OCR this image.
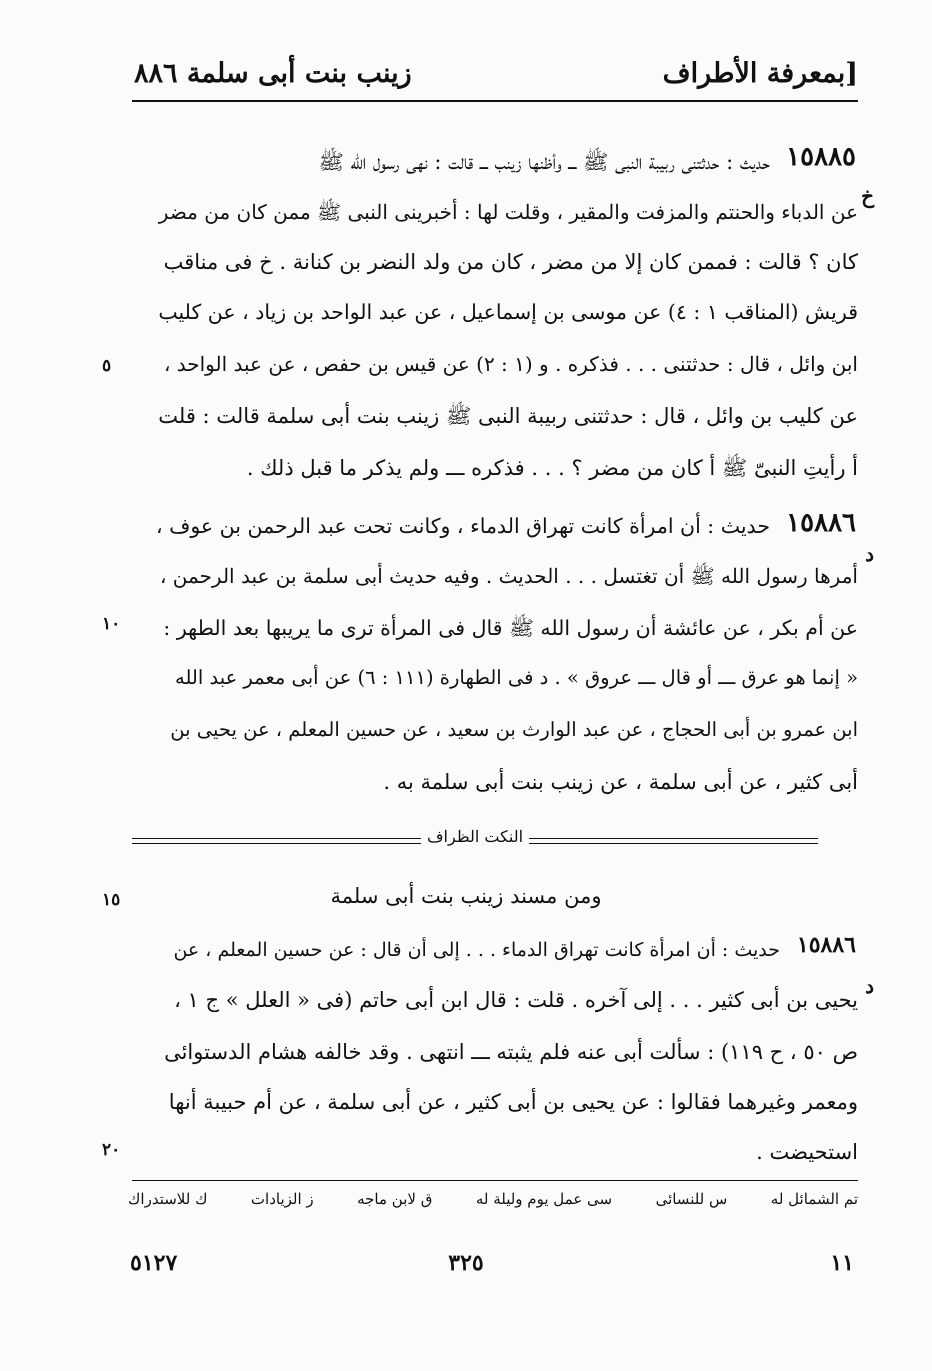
بمعرفة الأطراف]
زينب بنت أبى سلمة ٨٨٦
١٥٨٨٥
خ
حديث : حدثتنى ربيبة النبى ﷺ ـــ وأظنها زينب ـــ قالت : نهى رسول الله ﷺ
عن الدباء والحنتم والمزفت والمقير ، وقلت لها : أخبرينى النبى ﷺ ممن كان من مضر
كان ؟ قالت : فممن كان إلا من مضر ، كان من ولد النضر بن كنانة . خ فى مناقب
قريش (المناقب ١ : ٤) عن موسى بن إسماعيل ، عن عبد الواحد بن زياد ، عن كليب
ابن وائل ، قال : حدثتنى . . . فذكره . و (١ : ٢) عن قيس بن حفص ، عن عبد الواحد ،
عن كليب بن وائل ، قال : حدثتنى ربيبة النبى ﷺ زينب بنت أبى سلمة قالت : قلت
أ رأيتِ النبىّ ﷺ أ كان من مضر ؟ . . . فذكره ـــ ولم يذكر ما قبل ذلك .
١٥٨٨٦
د
حديث : أن امرأة كانت تهراق الدماء ، وكانت تحت عبد الرحمن بن عوف ،
أمرها رسول الله ﷺ أن تغتسل . . . الحديث . وفيه حديث أبى سلمة بن عبد الرحمن ،
عن أم بكر ، عن عائشة أن رسول الله ﷺ قال فى المرأة ترى ما يريبها بعد الطهر :
« إنما هو عرق ـــ أو قال ـــ عروق » . د فى الطهارة (١١١ : ٦) عن أبى معمر عبد الله
ابن عمرو بن أبى الحجاج ، عن عبد الوارث بن سعيد ، عن حسين المعلم ، عن يحيى بن
أبى كثير ، عن أبى سلمة ، عن زينب بنت أبى سلمة به .
النكت الظراف
ومن مسند زينب بنت أبى سلمة
١٥٨٨٦
د
حديث : أن امرأة كانت تهراق الدماء . . . إلى أن قال : عن حسين المعلم ، عن
يحيى بن أبى كثير . . . إلى آخره . قلت : قال ابن أبى حاتم (فى « العلل » ج ١ ،
ص ٥٠ ، ح ١١٩) : سألت أبى عنه فلم يثبته ـــ انتهى . وقد خالفه هشام الدستوائى
ومعمر وغيرهما فقالوا : عن يحيى بن أبى كثير ، عن أبى سلمة ، عن أم حبيبة أنها
استحيضت .
٥
١٠
١٥
٢٠
تم الشمائل له
س للنسائى
سى عمل يوم وليلة له
ق لابن ماجه
ز الزيادات
ك للاستدراك
١١
٣٢٥
٥١٢٧
